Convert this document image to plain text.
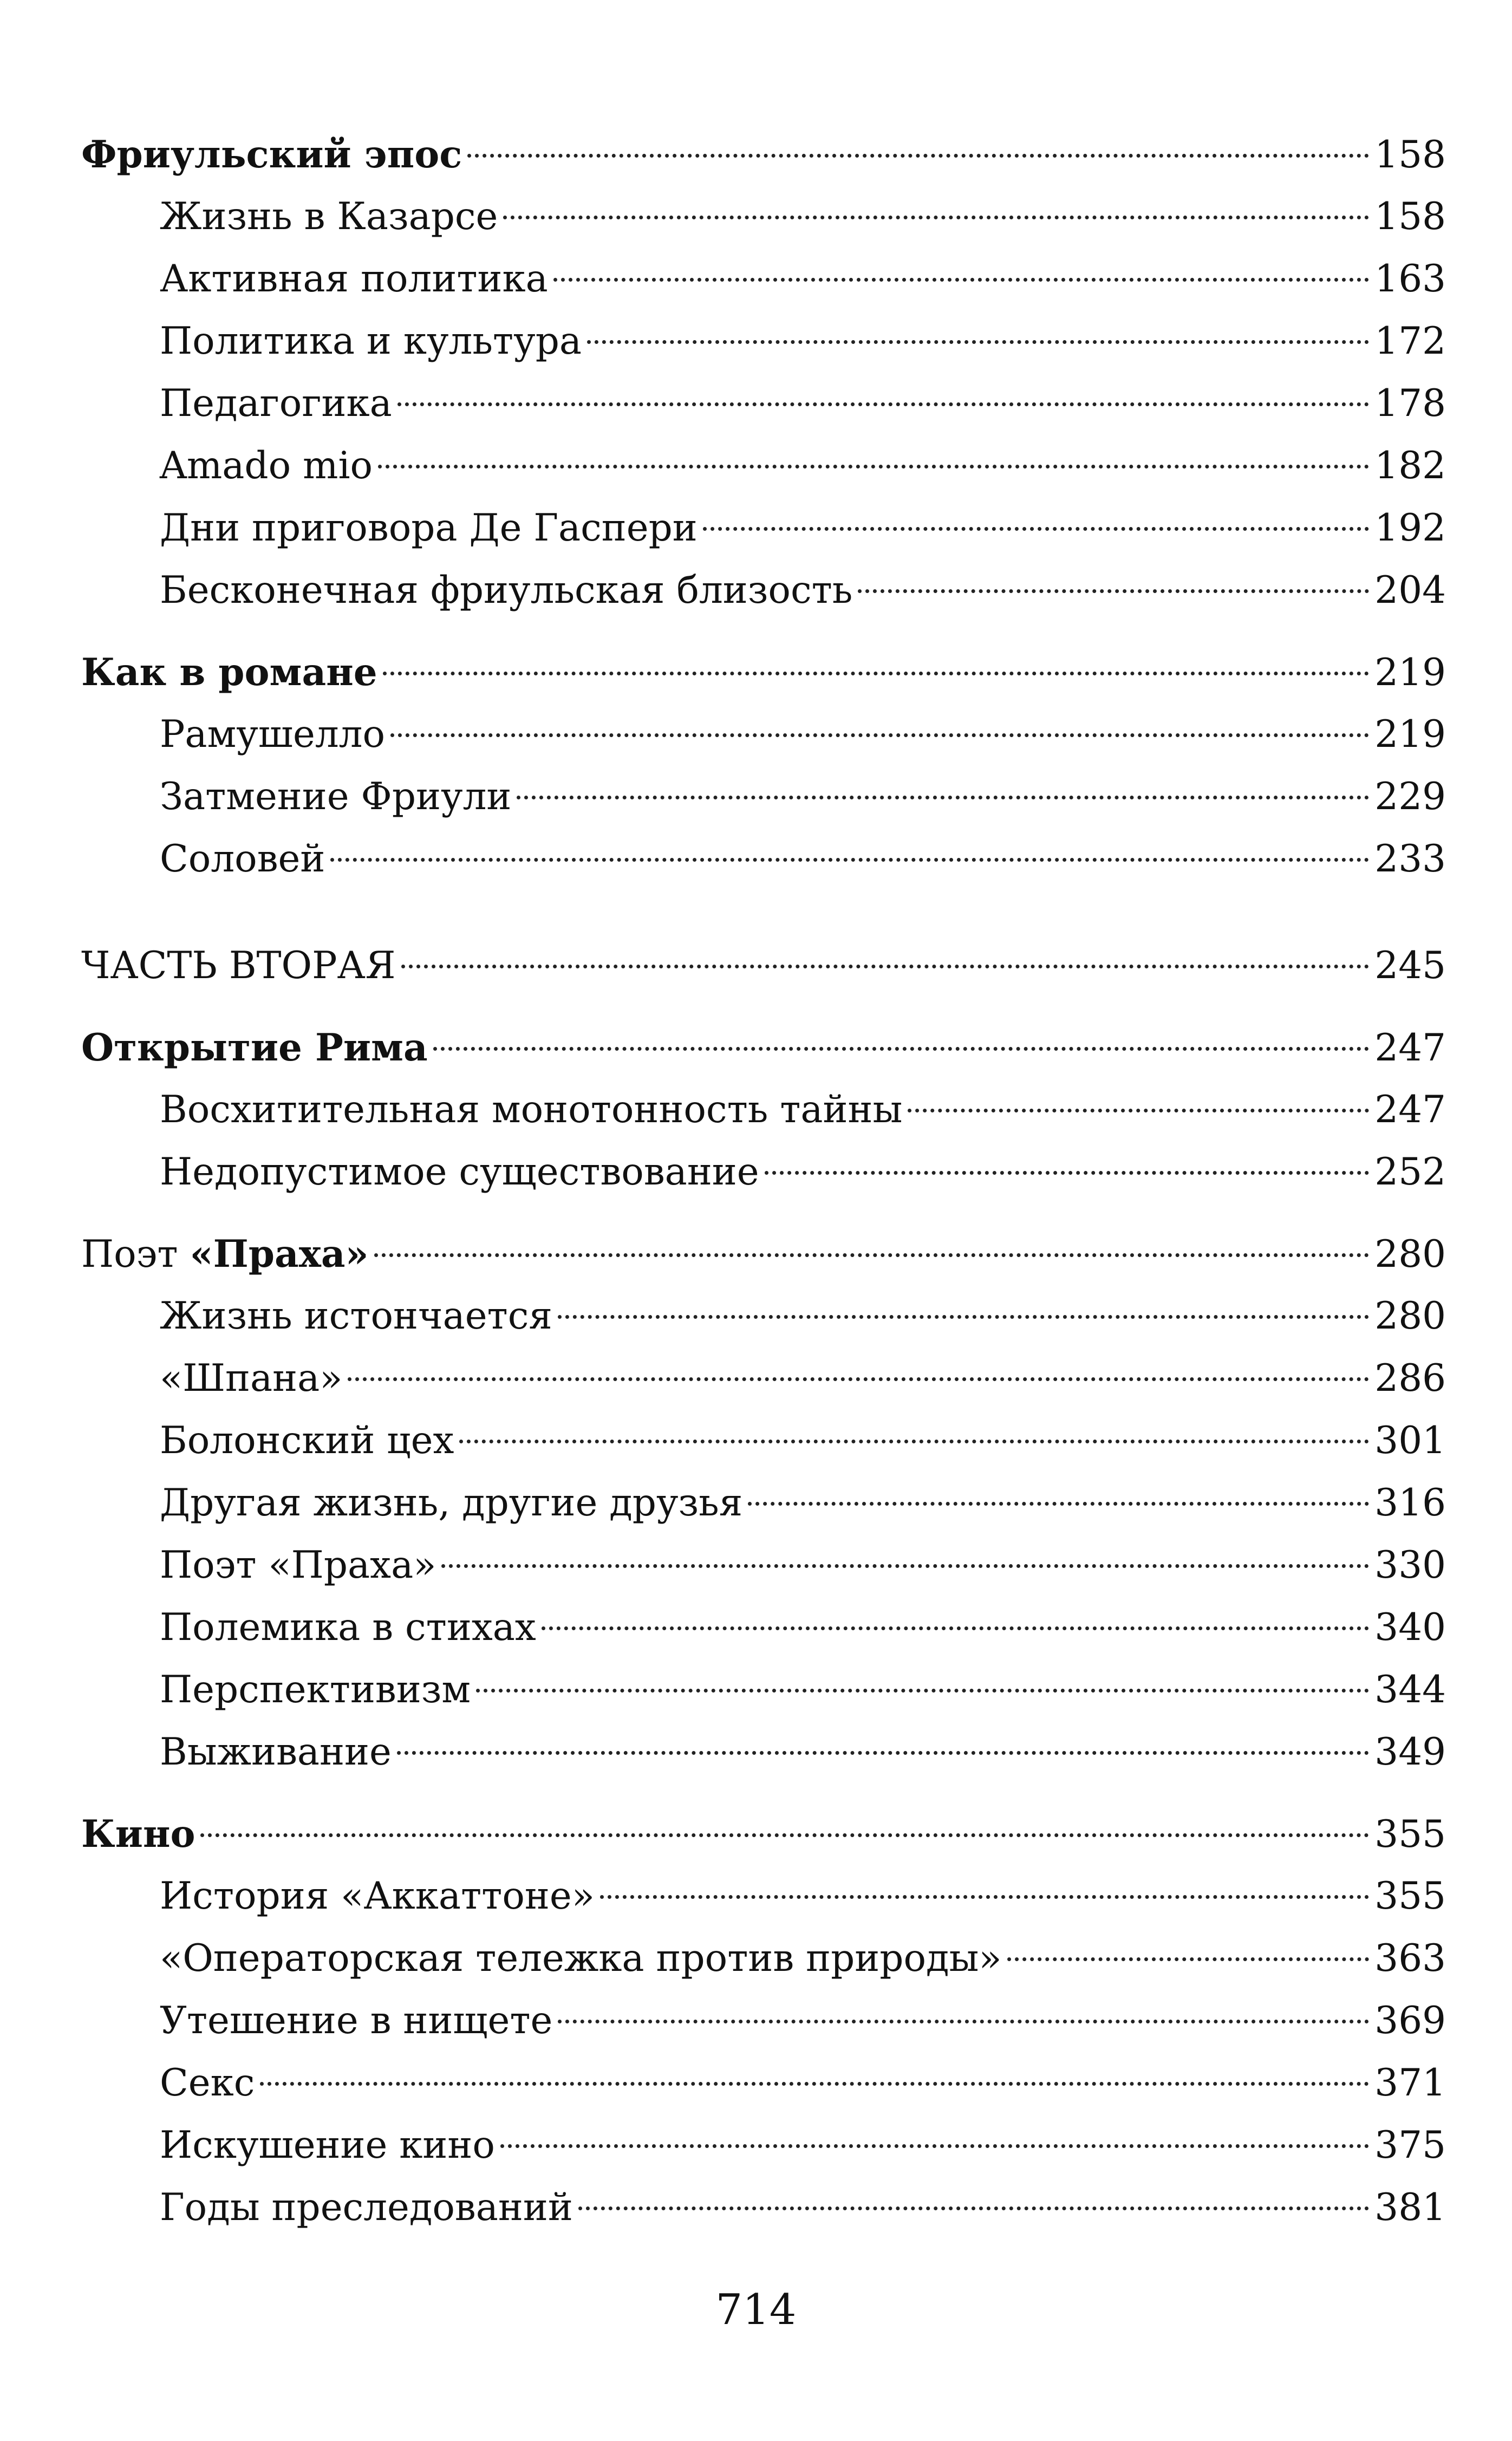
Фриульский эпос	158
Жизнь в Казарсе	158
Активная политика	163
Политика и культура	172
Педагогика	178
Amado mio	182
Дни приговора Де Гаспери	192
Бесконечная фриульская близость	204
Как в романе	219
Рамушелло	219
Затмение Фриули	229
Соловей	233
ЧАСТЬ ВТОРАЯ	245
Открытие Рима	247
Восхитительная монотонность тайны	247
Недопустимое существование	252
Поэт «Праха»	280
Жизнь истончается	280
«Шпана»	286
Болонский цех	301
Другая жизнь, другие друзья	316
Поэт «Праха»	330
Полемика в стихах	340
Перспективизм	344
Выживание	349
Кино	355
История «Аккаттоне»	355
«Операторская тележка против природы»	363
Утешение в нищете	369
Секс	371
Искушение кино	375
Годы преследований	381
714
